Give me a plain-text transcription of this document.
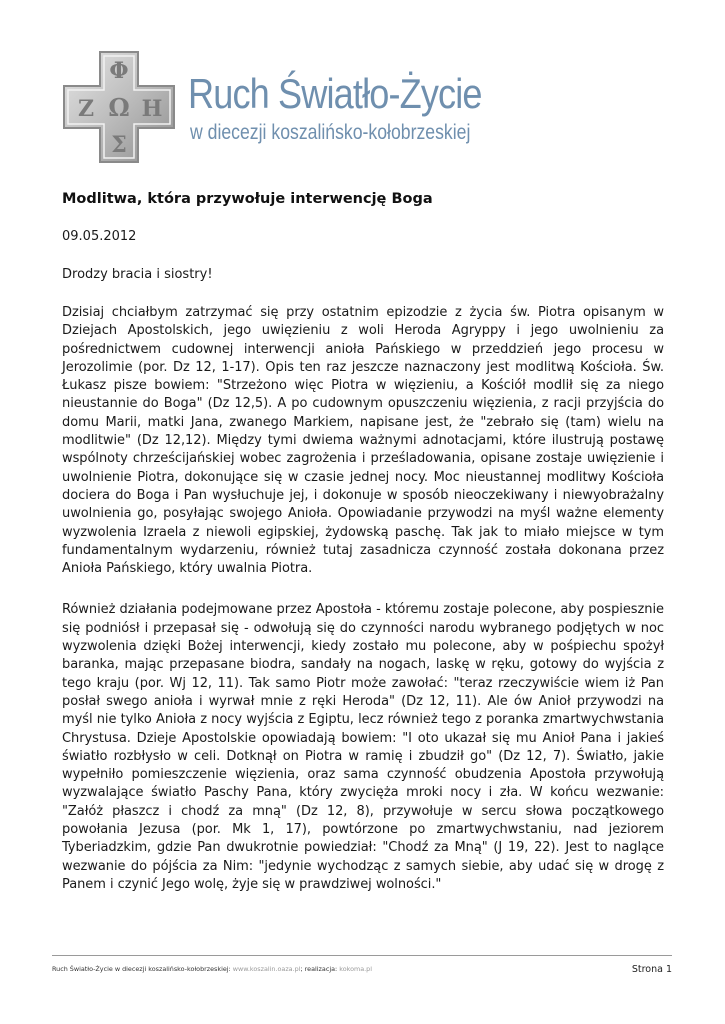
Φ
Ζ Ω Η
Σ
Ruch Światło-Życie
w diecezji koszalińsko-kołobrzeskiej
Modlitwa, która przywołuje interwencję Boga
09.05.2012
Drodzy bracia i siostry!

Dzisiaj chciałbym zatrzymać się przy ostatnim epizodzie z życia św. Piotra opisanym w Dziejach Apostolskich, jego uwięzieniu z woli Heroda Agryppy i jego uwolnieniu za pośrednictwem cudownej interwencji anioła Pańskiego w przeddzień jego procesu w Jerozolimie (por. Dz 12, 1-17). Opis ten raz jeszcze naznaczony jest modlitwą Kościoła. Św. Łukasz pisze bowiem: "Strzeżono więc Piotra w więzieniu, a Kościół modlił się za niego nieustannie do Boga" (Dz 12,5). A po cudownym opuszczeniu więzienia, z racji przyjścia do domu Marii, matki Jana, zwanego Markiem, napisane jest, że "zebrało się (tam) wielu na modlitwie" (Dz 12,12). Między tymi dwiema ważnymi adnotacjami, które ilustrują postawę wspólnoty chrześcijańskiej wobec zagrożenia i prześladowania, opisane zostaje uwięzienie i uwolnienie Piotra, dokonujące się w czasie jednej nocy. Moc nieustannej modlitwy Kościoła dociera do Boga i Pan wysłuchuje jej, i dokonuje w sposób nieoczekiwany i niewyobrażalny uwolnienia go, posyłając swojego Anioła. Opowiadanie przywodzi na myśl ważne elementy wyzwolenia Izraela z niewoli egipskiej, żydowską paschę. Tak jak to miało miejsce w tym fundamentalnym wydarzeniu, również tutaj zasadnicza czynność została dokonana przez Anioła Pańskiego, który uwalnia Piotra.

Również działania podejmowane przez Apostoła - któremu zostaje polecone, aby pospiesznie się podniósł i przepasał się - odwołują się do czynności narodu wybranego podjętych w noc wyzwolenia dzięki Bożej interwencji, kiedy zostało mu polecone, aby w pośpiechu spożył baranka, mając przepasane biodra, sandały na nogach, laskę w ręku, gotowy do wyjścia z tego kraju (por. Wj 12, 11). Tak samo Piotr może zawołać: "teraz rzeczywiście wiem iż Pan posłał swego anioła i wyrwał mnie z ręki Heroda" (Dz 12, 11). Ale ów Anioł przywodzi na myśl nie tylko Anioła z nocy wyjścia z Egiptu, lecz również tego z poranka zmartwychwstania Chrystusa. Dzieje Apostolskie opowiadają bowiem: "I oto ukazał się mu Anioł Pana i jakieś światło rozbłysło w celi. Dotknął on Piotra w ramię i zbudził go" (Dz 12, 7). Światło, jakie wypełniło pomieszczenie więzienia, oraz sama czynność obudzenia Apostoła przywołują wyzwalające światło Paschy Pana, który zwycięża mroki nocy i zła. W końcu wezwanie: "Załóż płaszcz i chodź za mną" (Dz 12, 8), przywołuje w sercu słowa początkowego powołania Jezusa (por. Mk 1, 17), powtórzone po zmartwychwstaniu, nad jeziorem Tyberiadzkim, gdzie Pan dwukrotnie powiedział: "Chodź za Mną" (J 19, 22). Jest to naglące wezwanie do pójścia za Nim: "jedynie wychodząc z samych siebie, aby udać się w drogę z Panem i czynić Jego wolę, żyje się w prawdziwej wolności."

Ruch Światło-Życie w diecezji koszalińsko-kołobrzeskiej: www.koszalin.oaza.pl; realizacja: kokoma.pl	Strona 1
